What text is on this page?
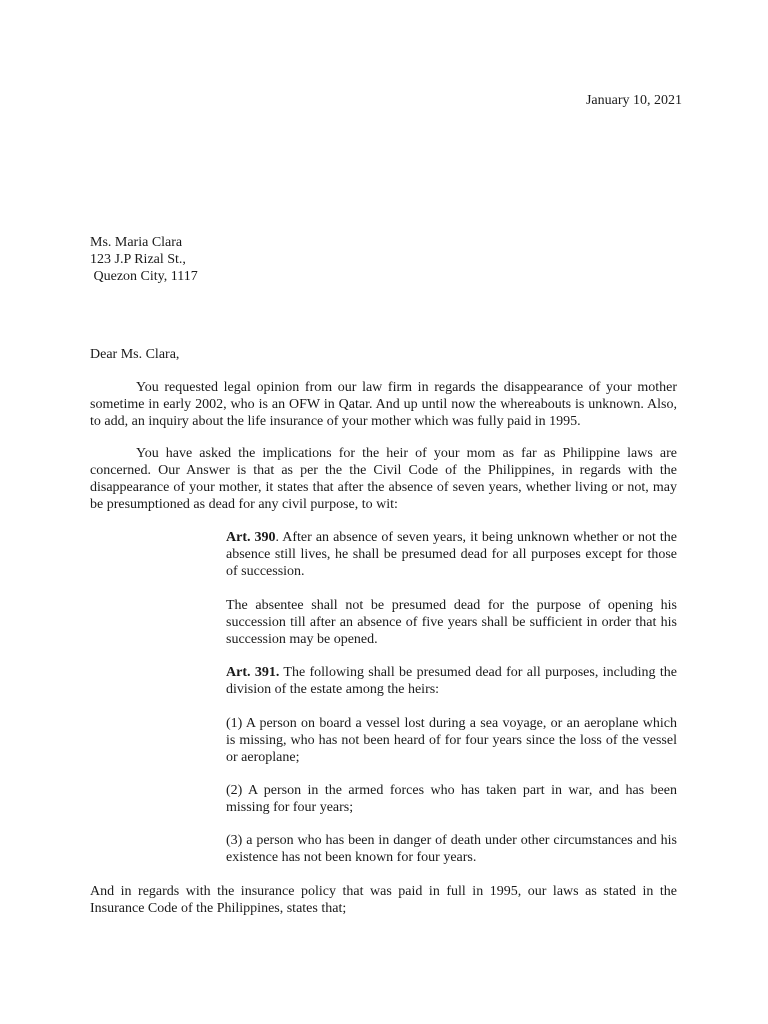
January 10, 2021
Ms. Maria Clara
123 J.P Rizal St.,
Quezon City, 1117
Dear Ms. Clara,

You requested legal opinion from our law firm in regards the disappearance of your mother sometime in early 2002, who is an OFW in Qatar. And up until now the whereabouts is unknown. Also, to add, an inquiry about the life insurance of your mother which was fully paid in 1995.

You have asked the implications for the heir of your mom as far as Philippine laws are concerned. Our Answer is that as per the the Civil Code of the Philippines, in regards with the disappearance of your mother, it states that after the absence of seven years, whether living or not, may be presumptioned as dead for any civil purpose, to wit:

Art. 390. After an absence of seven years, it being unknown whether or not the absence still lives, he shall be presumed dead for all purposes except for those of succession.
The absentee shall not be presumed dead for the purpose of opening his succession till after an absence of five years shall be sufficient in order that his succession may be opened.
Art. 391. The following shall be presumed dead for all purposes, including the division of the estate among the heirs:
(1) A person on board a vessel lost during a sea voyage, or an aeroplane which is missing, who has not been heard of for four years since the loss of the vessel or aeroplane;
(2) A person in the armed forces who has taken part in war, and has been missing for four years;
(3) a person who has been in danger of death under other circumstances and his existence has not been known for four years.

And in regards with the insurance policy that was paid in full in 1995, our laws as stated in the Insurance Code of the Philippines, states that;
